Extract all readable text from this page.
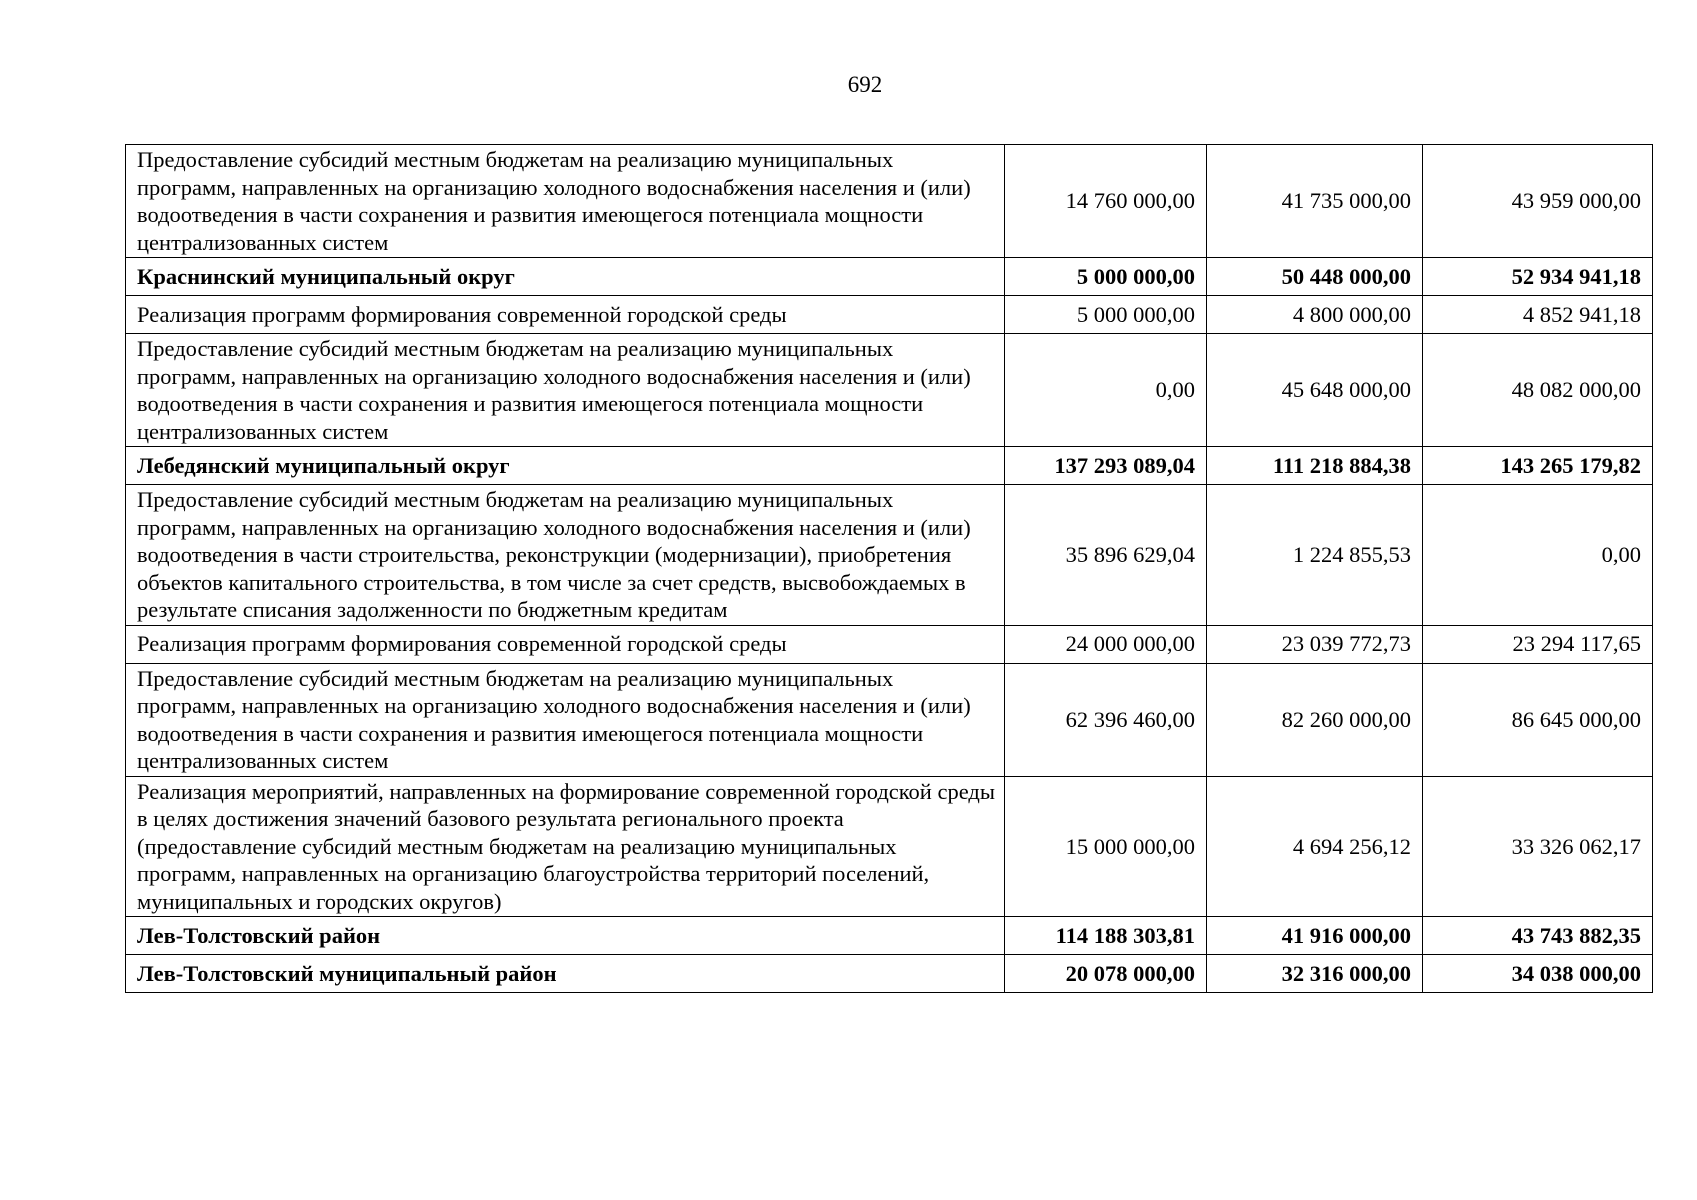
692
Предоставление субсидий местным бюджетам на реализацию муниципальных программ, направленных на организацию холодного водоснабжения населения и (или) водоотведения в части сохранения и развития имеющегося потенциала мощности централизованных систем	14 760 000,00	41 735 000,00	43 959 000,00
Краснинский муниципальный округ	5 000 000,00	50 448 000,00	52 934 941,18
Реализация программ формирования современной городской среды	5 000 000,00	4 800 000,00	4 852 941,18
Предоставление субсидий местным бюджетам на реализацию муниципальных программ, направленных на организацию холодного водоснабжения населения и (или) водоотведения в части сохранения и развития имеющегося потенциала мощности централизованных систем	0,00	45 648 000,00	48 082 000,00
Лебедянский муниципальный округ	137 293 089,04	111 218 884,38	143 265 179,82
Предоставление субсидий местным бюджетам на реализацию муниципальных программ, направленных на организацию холодного водоснабжения населения и (или) водоотведения в части строительства, реконструкции (модернизации), приобретения объектов капитального строительства, в том числе за счет средств, высвобождаемых в результате списания задолженности по бюджетным кредитам	35 896 629,04	1 224 855,53	0,00
Реализация программ формирования современной городской среды	24 000 000,00	23 039 772,73	23 294 117,65
Предоставление субсидий местным бюджетам на реализацию муниципальных программ, направленных на организацию холодного водоснабжения населения и (или) водоотведения в части сохранения и развития имеющегося потенциала мощности централизованных систем	62 396 460,00	82 260 000,00	86 645 000,00
Реализация мероприятий, направленных на формирование современной городской среды в целях достижения значений базового результата регионального проекта (предоставление субсидий местным бюджетам на реализацию муниципальных программ, направленных на организацию благоустройства территорий поселений, муниципальных и городских округов)	15 000 000,00	4 694 256,12	33 326 062,17
Лев-Толстовский район	114 188 303,81	41 916 000,00	43 743 882,35
Лев-Толстовский муниципальный район	20 078 000,00	32 316 000,00	34 038 000,00
